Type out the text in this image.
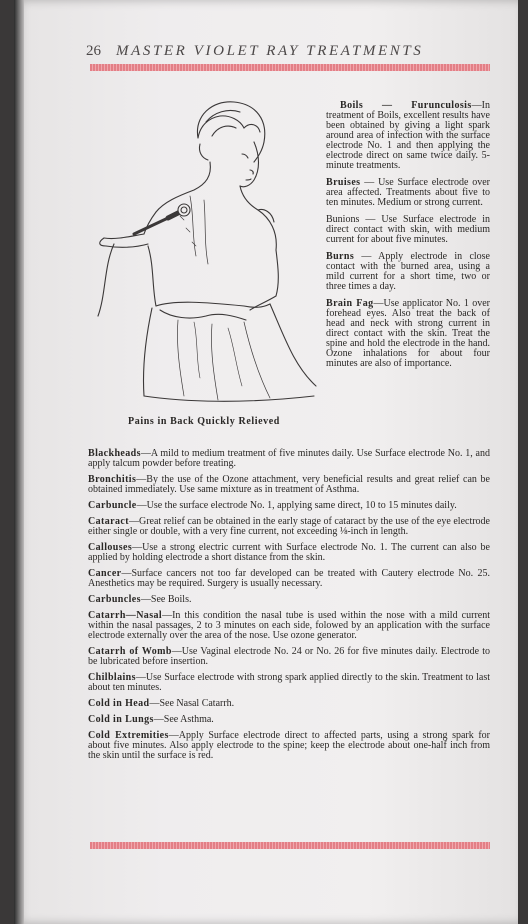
26 MASTER VIOLET RAY TREATMENTS
Pains in Back Quickly Relieved

Boils — Furunculosis—In treatment of Boils, excellent results have been obtained by giving a light spark around area of infection with the surface electrode No. 1 and then applying the electrode direct on same twice daily. 5-minute treatments.

Bruises — Use Surface electrode over area affected. Treatments about five to ten minutes. Medium or strong current.

Bunions — Use Surface electrode in direct contact with skin, with medium current for about five minutes.

Burns — Apply electrode in close contact with the burned area, using a mild current for a short time, two or three times a day.

Brain Fag—Use applicator No. 1 over forehead eyes. Also treat the back of head and neck with strong current in direct contact with the skin. Treat the spine and hold the electrode in the hand. Ozone inhalations for about four minutes are also of importance.

Blackheads—A mild to medium treatment of five minutes daily. Use Surface electrode No. 1, and apply talcum powder before treating.

Bronchitis—By the use of the Ozone attachment, very beneficial results and great relief can be obtained immediately. Use same mixture as in treatment of Asthma.

Carbuncle—Use the surface electrode No. 1, applying same direct, 10 to 15 minutes daily.

Cataract—Great relief can be obtained in the early stage of cataract by the use of the eye electrode either single or double, with a very fine current, not exceeding ⅛-inch in length.

Callouses—Use a strong electric current with Surface electrode No. 1. The current can also be applied by holding electrode a short distance from the skin.

Cancer—Surface cancers not too far developed can be treated with Cautery electrode No. 25. Anesthetics may be required. Surgery is usually necessary.

Carbuncles—See Boils.

Catarrh—Nasal—In this condition the nasal tube is used within the nose with a mild current within the nasal passages, 2 to 3 minutes on each side, folowed by an application with the surface electrode externally over the area of the nose. Use ozone generator.

Catarrh of Womb—Use Vaginal electrode No. 24 or No. 26 for five minutes daily. Electrode to be lubricated before insertion.

Chilblains—Use Surface electrode with strong spark applied directly to the skin. Treatment to last about ten minutes.

Cold in Head—See Nasal Catarrh.

Cold in Lungs—See Asthma.

Cold Extremities—Apply Surface electrode direct to affected parts, using a strong spark for about five minutes. Also apply electrode to the spine; keep the electrode about one-half inch from the skin until the surface is red.
